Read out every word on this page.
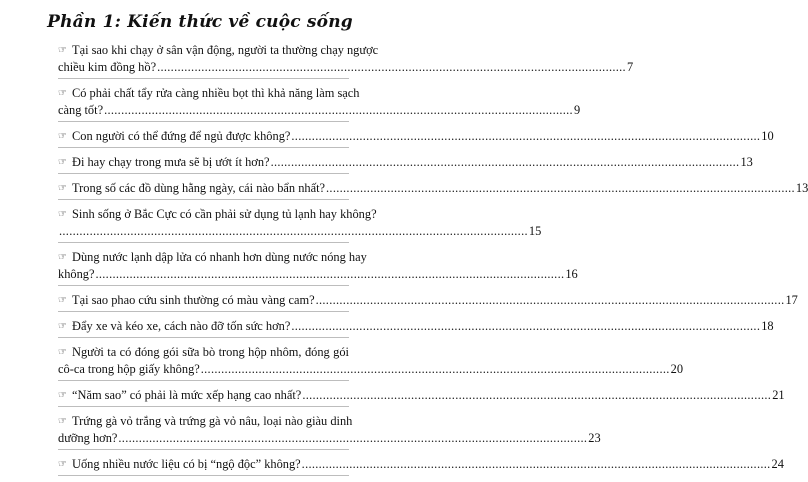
Phần 1: Kiến thức về cuộc sống
☞ Tại sao khi chạy ở sân vận động, người ta thường chạy ngược
chiều kim đồng hồ? .......................................................................................................................................... 7
☞ Có phải chất tẩy rửa càng nhiều bọt thì khả năng làm sạch
càng tốt? .......................................................................................................................................... 9
☞ Con người có thể đứng để ngủ được không? .......................................................................................................................................... 10
☞ Đi hay chạy trong mưa sẽ bị ướt ít hơn? .......................................................................................................................................... 13
☞ Trong số các đồ dùng hằng ngày, cái nào bẩn nhất? .......................................................................................................................................... 13
☞ Sinh sống ở Bắc Cực có cần phải sử dụng tủ lạnh hay không?
.......................................................................................................................................... 15
☞ Dùng nước lạnh dập lửa có nhanh hơn dùng nước nóng hay
không? .......................................................................................................................................... 16
☞ Tại sao phao cứu sinh thường có màu vàng cam? .......................................................................................................................................... 17
☞ Đẩy xe và kéo xe, cách nào đỡ tốn sức hơn? .......................................................................................................................................... 18
☞ Người ta có đóng gói sữa bò trong hộp nhôm, đóng gói
cô-ca trong hộp giấy không? .......................................................................................................................................... 20
☞ “Năm sao” có phải là mức xếp hạng cao nhất? .......................................................................................................................................... 21
☞ Trứng gà vỏ trắng và trứng gà vỏ nâu, loại nào giàu dinh
dưỡng hơn? .......................................................................................................................................... 23
☞ Uống nhiều nước liệu có bị “ngộ độc” không? .......................................................................................................................................... 24
